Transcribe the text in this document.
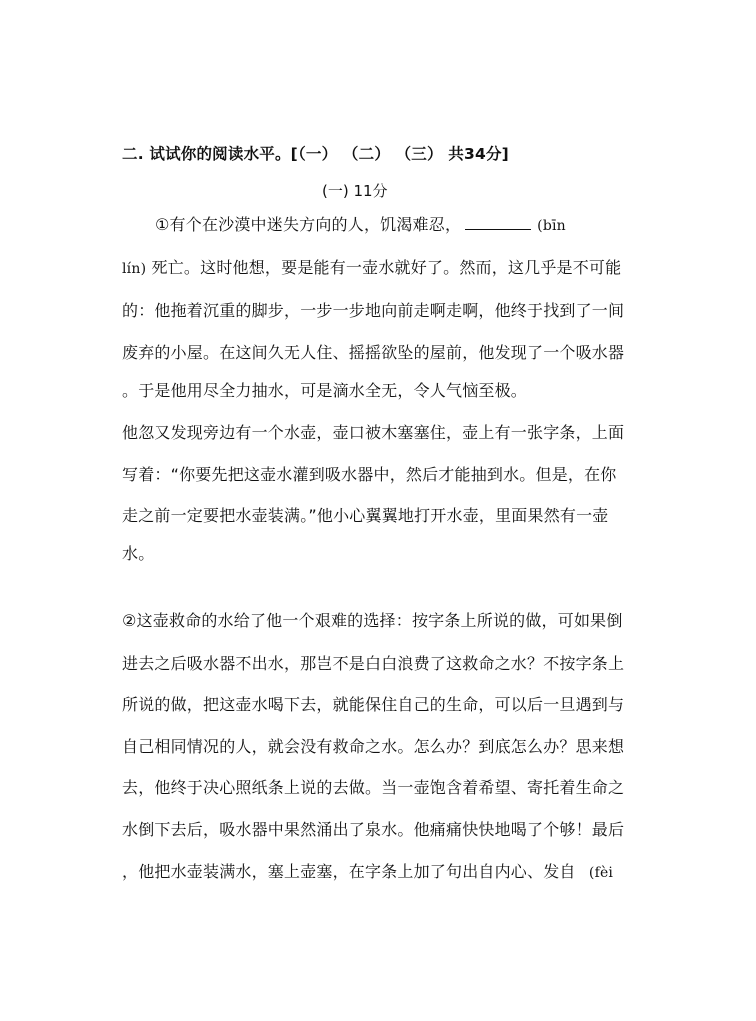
二. 试试你的阅读水平。[（一） （二） （三） 共34分]
(一) 11分
①有个在沙漠中迷失方向的人，饥渴难忍，	(bīn
lín) 死亡。这时他想，要是能有一壶水就好了。然而，这几乎是不可能
的：他拖着沉重的脚步，一步一步地向前走啊走啊，他终于找到了一间
废弃的小屋。在这间久无人住、摇摇欲坠的屋前，他发现了一个吸水器
。于是他用尽全力抽水，可是滴水全无，令人气恼至极。
他忽又发现旁边有一个水壶，壶口被木塞塞住，壶上有一张字条，上面
写着：“你要先把这壶水灌到吸水器中，然后才能抽到水。但是，在你
走之前一定要把水壶装满。”他小心翼翼地打开水壶，里面果然有一壶
水。
②这壶救命的水给了他一个艰难的选择：按字条上所说的做，可如果倒
进去之后吸水器不出水，那岂不是白白浪费了这救命之水？不按字条上
所说的做，把这壶水喝下去，就能保住自己的生命，可以后一旦遇到与
自己相同情况的人，就会没有救命之水。怎么办？到底怎么办？思来想
去，他终于决心照纸条上说的去做。当一壶饱含着希望、寄托着生命之
水倒下去后，吸水器中果然涌出了泉水。他痛痛快快地喝了个够！最后
，他把水壶装满水，塞上壶塞，在字条上加了句出自内心、发自 (fèi
